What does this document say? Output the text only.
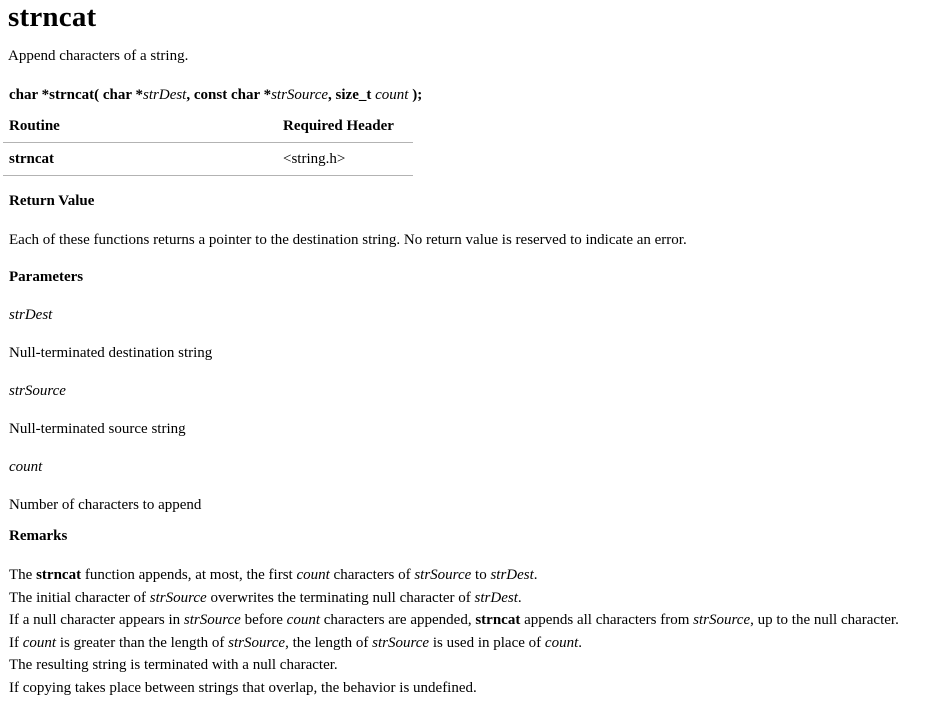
strncat
Append characters of a string.
char *strncat( char *strDest, const char *strSource, size_t count );
Routine	Required Header
strncat	<string.h>
Return Value
Each of these functions returns a pointer to the destination string. No return value is reserved to indicate an error.
Parameters
strDest
Null-terminated destination string
strSource
Null-terminated source string
count
Number of characters to append
Remarks
The strncat function appends, at most, the first count characters of strSource to strDest.
The initial character of strSource overwrites the terminating null character of strDest.
If a null character appears in strSource before count characters are appended, strncat appends all characters from strSource, up to the null character.
If count is greater than the length of strSource, the length of strSource is used in place of count.
The resulting string is terminated with a null character.
If copying takes place between strings that overlap, the behavior is undefined.
